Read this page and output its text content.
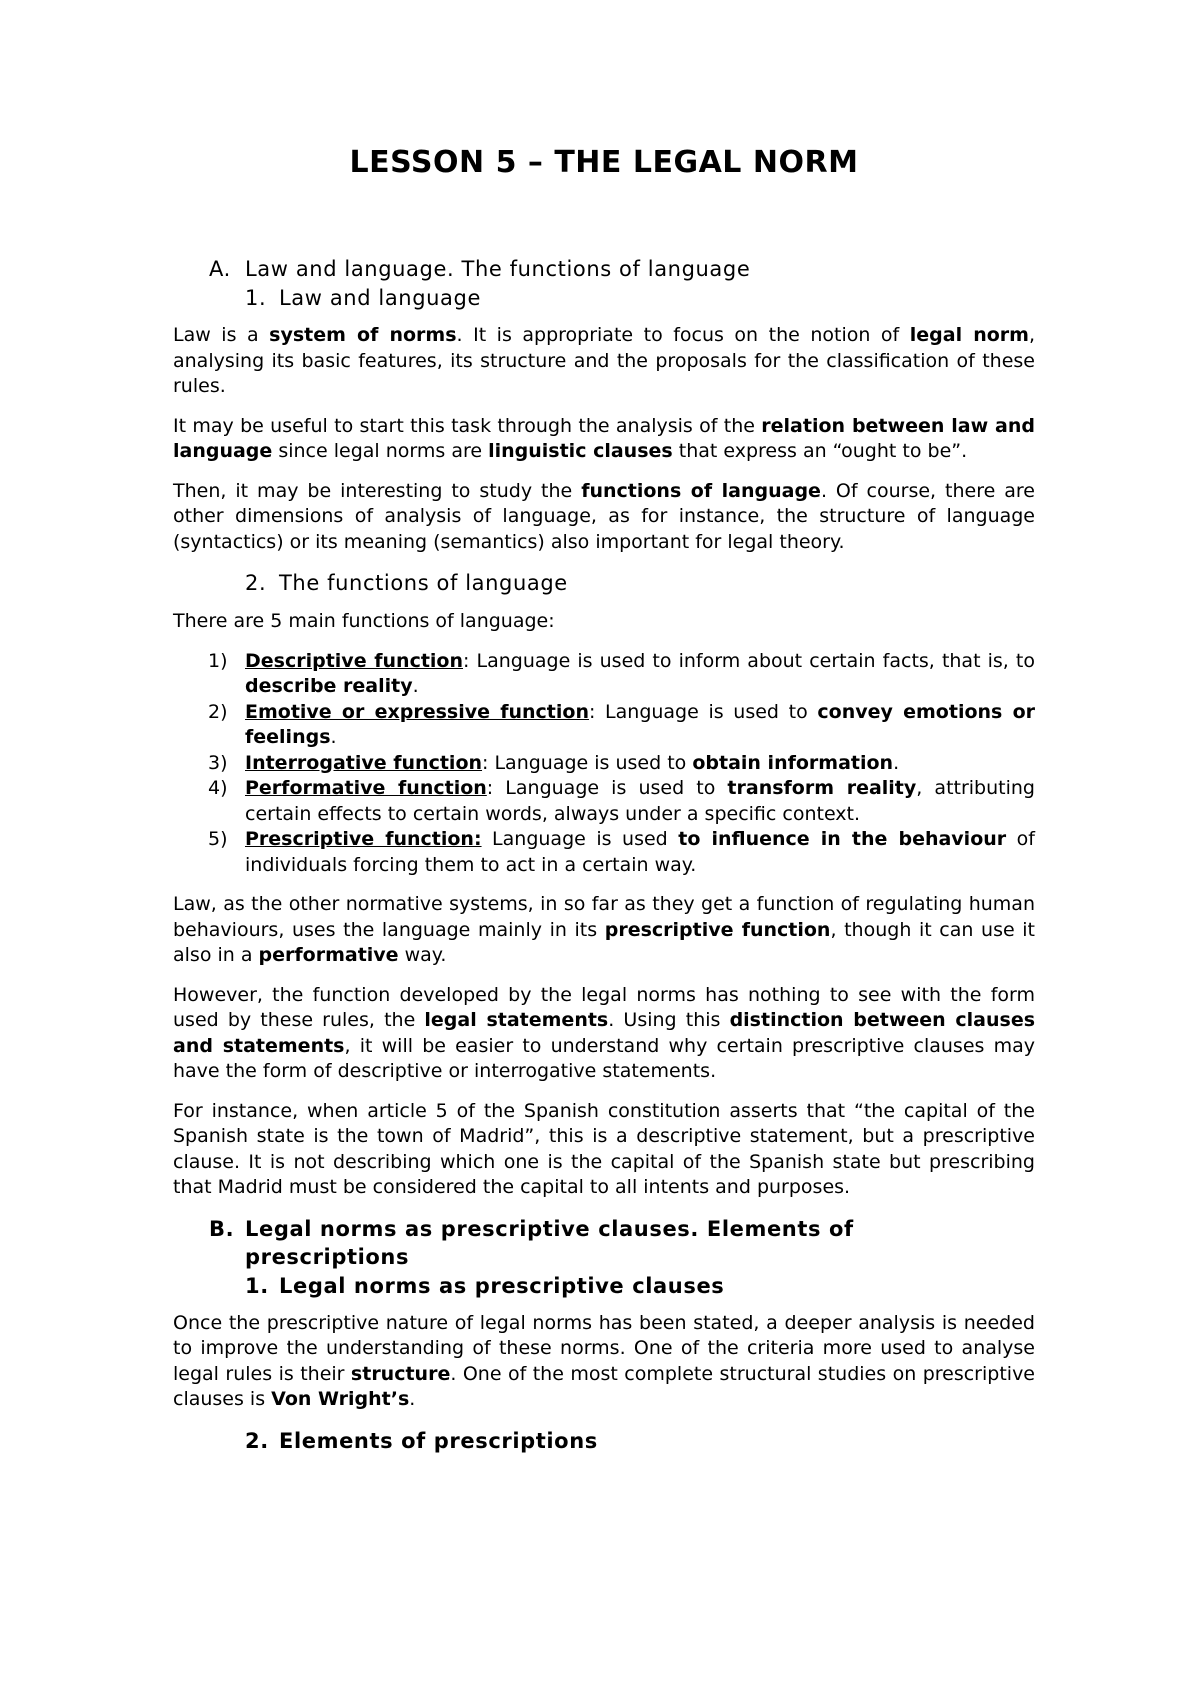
LESSON 5 – THE LEGAL NORM
A. Law and language. The functions of language
1. Law and language

Law is a system of norms. It is appropriate to focus on the notion of legal norm, analysing its basic features, its structure and the proposals for the classification of these rules.

It may be useful to start this task through the analysis of the relation between law and language since legal norms are linguistic clauses that express an “ought to be”.

Then, it may be interesting to study the functions of language. Of course, there are other dimensions of analysis of language, as for instance, the structure of language (syntactics) or its meaning (semantics) also important for legal theory.

2. The functions of language

There are 5 main functions of language:

1) Descriptive function: Language is used to inform about certain facts, that is, to describe reality.
2) Emotive or expressive function: Language is used to convey emotions or feelings.
3) Interrogative function: Language is used to obtain information.
4) Performative function: Language is used to transform reality, attributing certain effects to certain words, always under a specific context.
5) Prescriptive function: Language is used to influence in the behaviour of individuals forcing them to act in a certain way.

Law, as the other normative systems, in so far as they get a function of regulating human behaviours, uses the language mainly in its prescriptive function, though it can use it also in a performative way.

However, the function developed by the legal norms has nothing to see with the form used by these rules, the legal statements. Using this distinction between clauses and statements, it will be easier to understand why certain prescriptive clauses may have the form of descriptive or interrogative statements.

For instance, when article 5 of the Spanish constitution asserts that “the capital of the Spanish state is the town of Madrid”, this is a descriptive statement, but a prescriptive clause. It is not describing which one is the capital of the Spanish state but prescribing that Madrid must be considered the capital to all intents and purposes.

B. Legal norms as prescriptive clauses. Elements of prescriptions
1. Legal norms as prescriptive clauses

Once the prescriptive nature of legal norms has been stated, a deeper analysis is needed to improve the understanding of these norms. One of the criteria more used to analyse legal rules is their structure. One of the most complete structural studies on prescriptive clauses is Von Wright’s.

2. Elements of prescriptions
